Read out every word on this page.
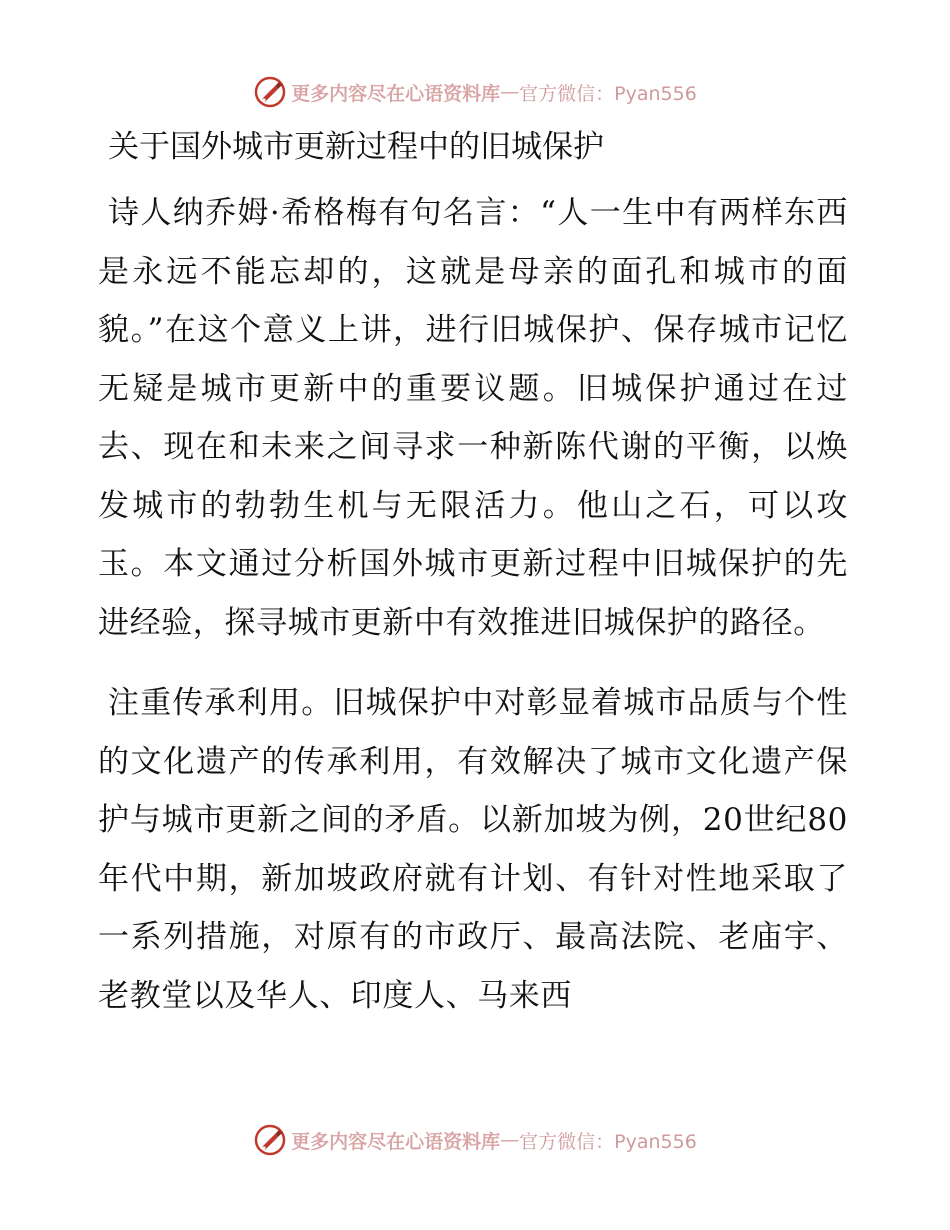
更多内容尽在心语资料库 — 官方微信：Pyan556
关于国外城市更新过程中的旧城保护

诗人纳乔姆·希格梅有句名言：“人一生中有两样东西是永远不能忘却的，这就是母亲的面孔和城市的面貌。”在这个意义上讲，进行旧城保护、保存城市记忆无疑是城市更新中的重要议题。旧城保护通过在过去、现在和未来之间寻求一种新陈代谢的平衡，以焕发城市的勃勃生机与无限活力。他山之石，可以攻玉。本文通过分析国外城市更新过程中旧城保护的先进经验，探寻城市更新中有效推进旧城保护的路径。

注重传承利用。旧城保护中对彰显着城市品质与个性的文化遗产的传承利用，有效解决了城市文化遗产保护与城市更新之间的矛盾。以新加坡为例，20世纪80年代中期，新加坡政府就有计划、有针对性地采取了一系列措施，对原有的市政厅、最高法院、老庙宇、老教堂以及华人、印度人、马来西

更多内容尽在心语资料库 — 官方微信：Pyan556
